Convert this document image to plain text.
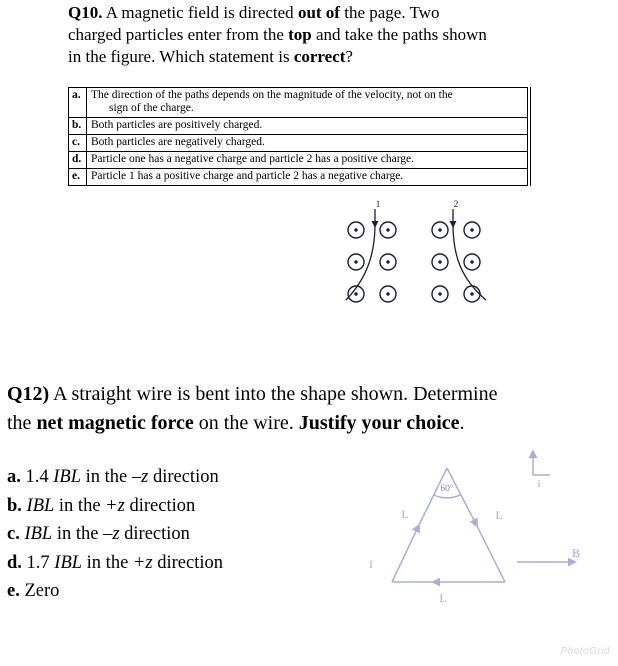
Q10. A magnetic field is directed out of the page. Two
charged particles enter from the top and take the paths shown
in the figure. Which statement is correct?

a.	The direction of the paths depends on the magnitude of the velocity, not on the
sign of the charge.

b.	Both particles are positively charged.
c.	Both particles are negatively charged.
d.	Particle one has a negative charge and particle 2 has a positive charge.
e.	Particle 1 has a positive charge and particle 2 has a negative charge.
1	2

Q12) A straight wire is bent into the shape shown. Determine
the net magnetic force on the wire. Justify your choice.

a. 1.4 IBL in the –z direction
b. IBL in the +z direction
c. IBL in the –z direction
d. 1.7 IBL in the +z direction
e. Zero
60°
L	L
L
I
B
i
PhotoGrid
